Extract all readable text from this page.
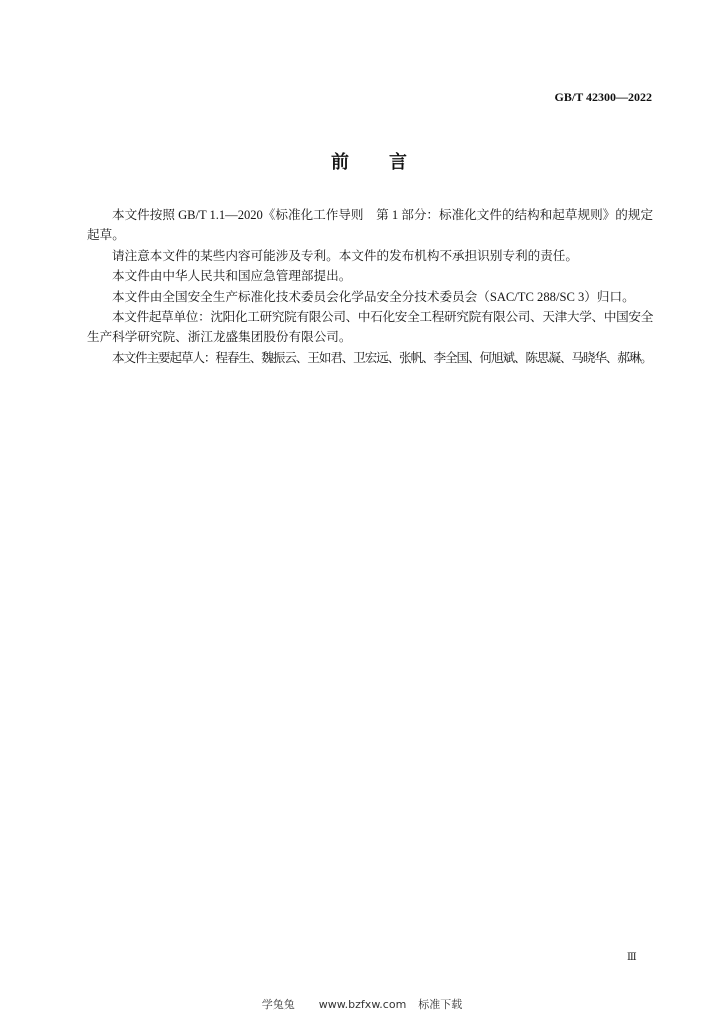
GB/T 42300—2022
前　言
本文件按照 GB/T 1.1—2020《标准化工作导则　第 1 部分：标准化文件的结构和起草规则》的规定
起草。
请注意本文件的某些内容可能涉及专利。本文件的发布机构不承担识别专利的责任。
本文件由中华人民共和国应急管理部提出。
本文件由全国安全生产标准化技术委员会化学品安全分技术委员会（SAC/TC 288/SC 3）归口。
本文件起草单位：沈阳化工研究院有限公司、中石化安全工程研究院有限公司、天津大学、中国安全
生产科学研究院、浙江龙盛集团股份有限公司。
本文件主要起草人：程春生、魏振云、王如君、卫宏远、张帆、李全国、何旭斌、陈思凝、马晓华、郝琳。
Ⅲ
学兔兔 www.bzfxw.com 标准下载
